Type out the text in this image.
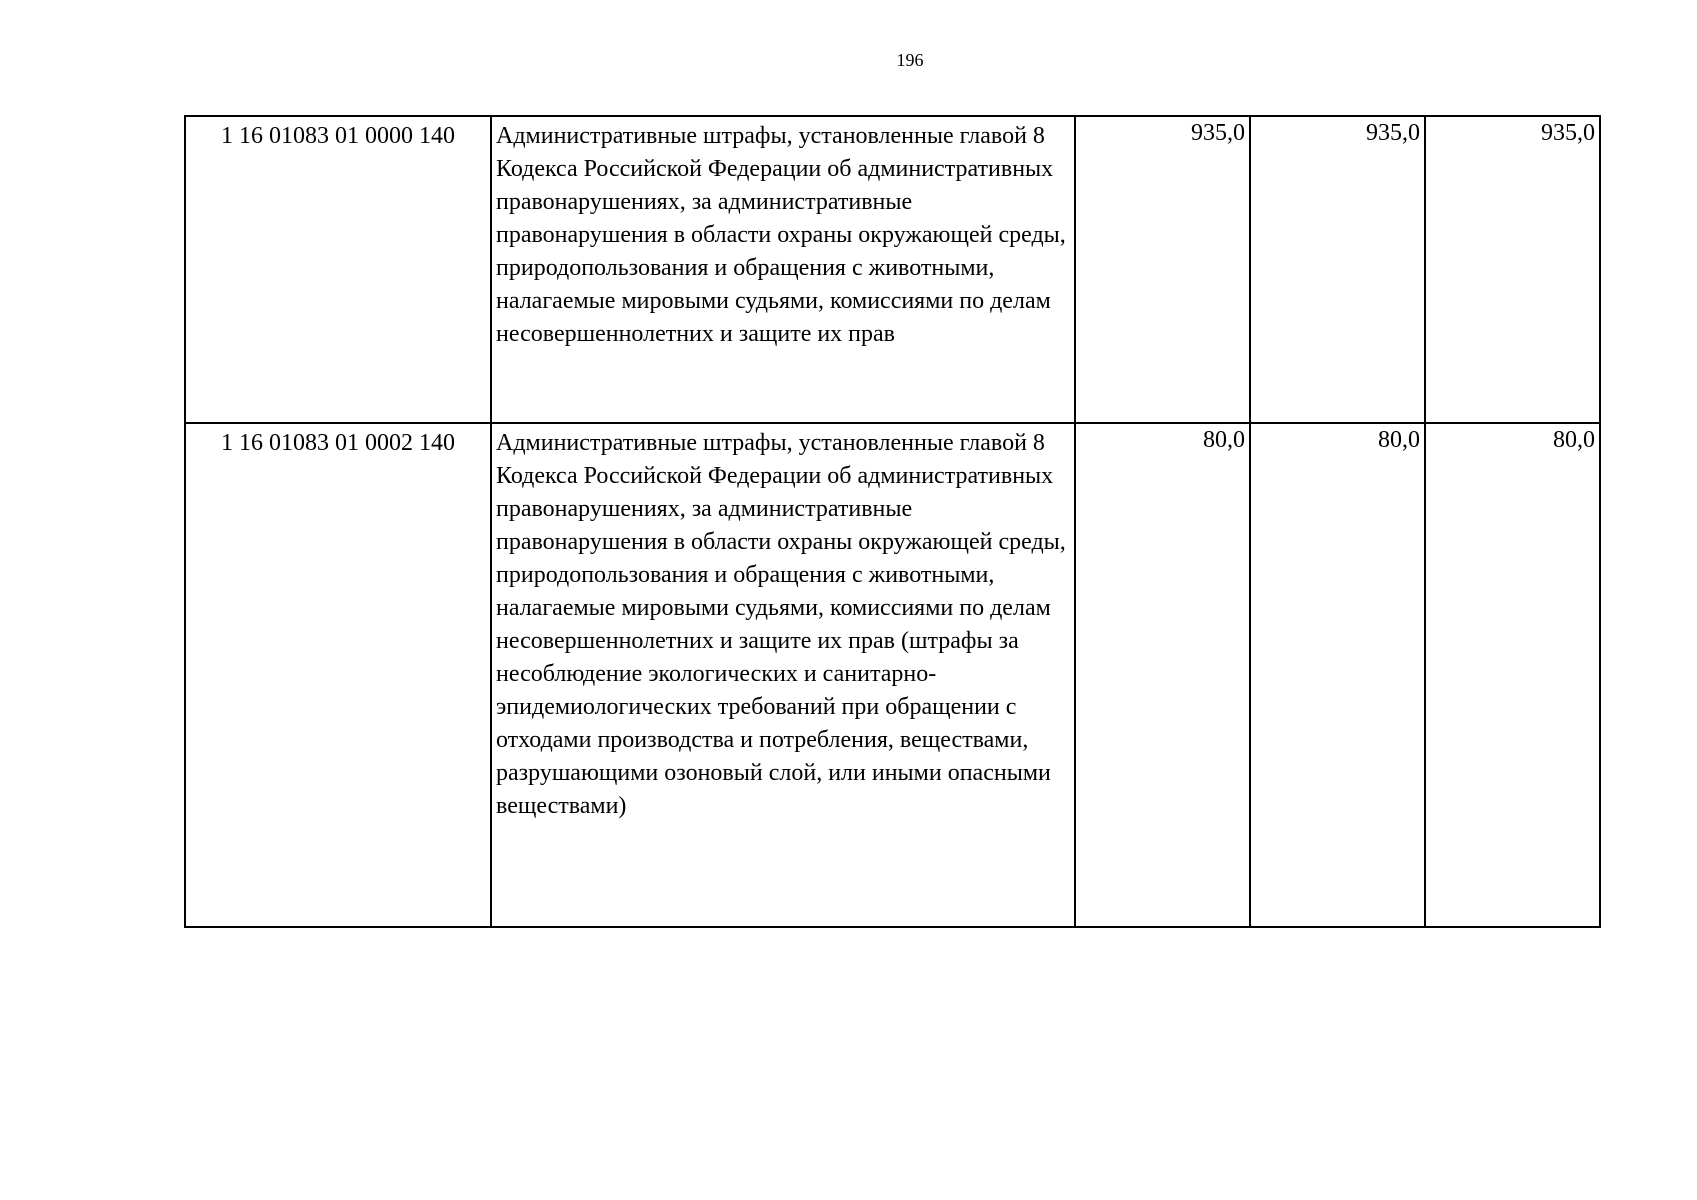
196
1 16 01083 01 0000 140	Административные штрафы, установленные главой 8 Кодекса Российской Федерации об административных правонарушениях, за административные правонарушения в области охраны окружающей среды, природопользования и обращения с животными, налагаемые мировыми судьями, комиссиями по делам несовершеннолетних и защите их прав	935,0	935,0	935,0
1 16 01083 01 0002 140	Административные штрафы, установленные главой 8 Кодекса Российской Федерации об административных правонарушениях, за административные правонарушения в области охраны окружающей среды, природопользования и обращения с животными, налагаемые мировыми судьями, комиссиями по делам несовершеннолетних и защите их прав (штрафы за несоблюдение экологических и санитарно-эпидемиологических требований при обращении с отходами производства и потребления, веществами, разрушающими озоновый слой, или иными опасными веществами)	80,0	80,0	80,0
